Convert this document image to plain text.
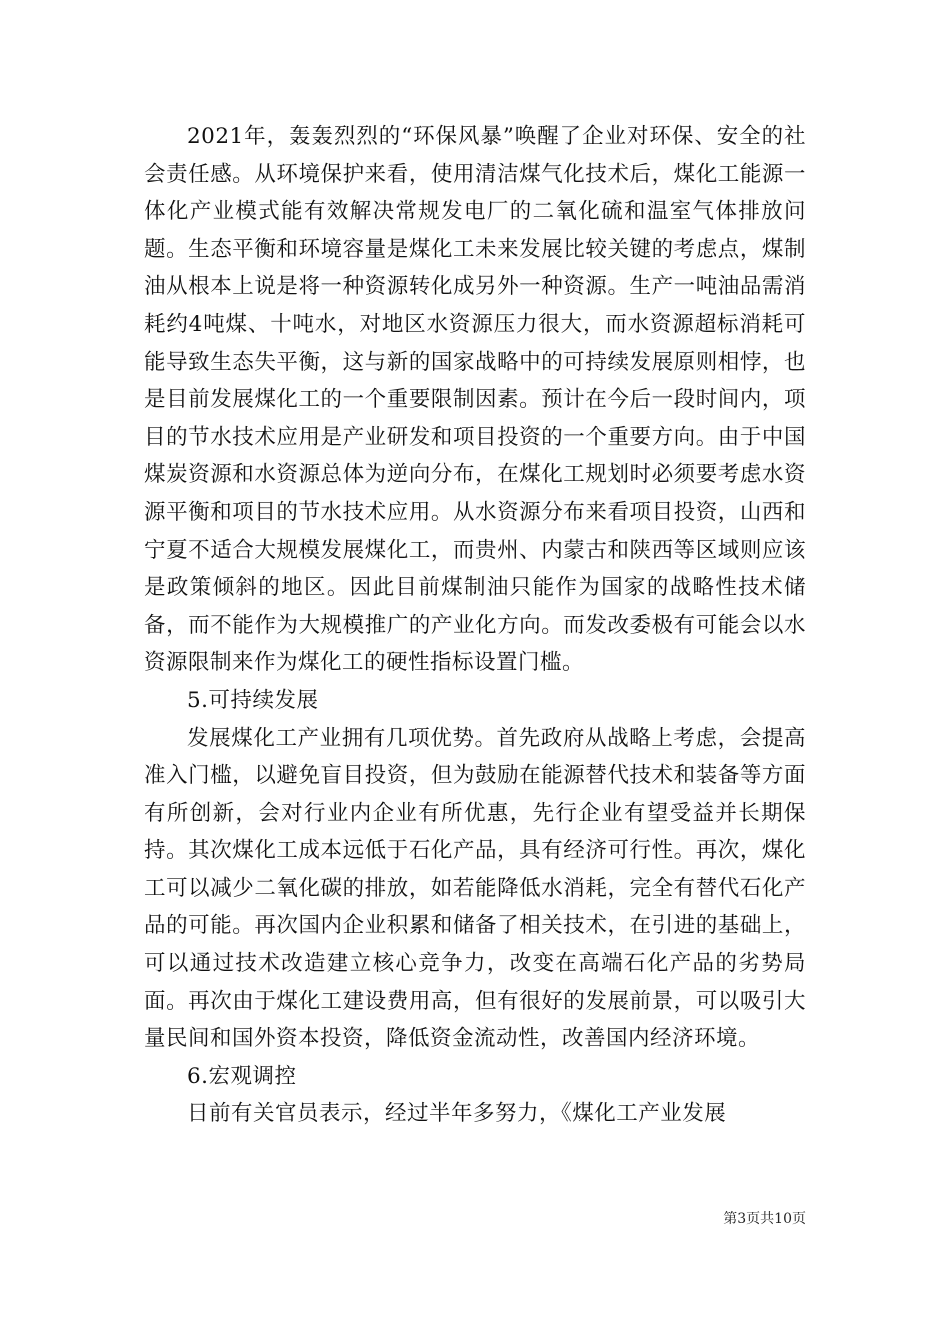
2021年，轰轰烈烈的“环保风暴”唤醒了企业对环保、安全的社会责任感。从环境保护来看，使用清洁煤气化技术后，煤化工能源一体化产业模式能有效解决常规发电厂的二氧化硫和温室气体排放问题。生态平衡和环境容量是煤化工未来发展比较关键的考虑点，煤制油从根本上说是将一种资源转化成另外一种资源。生产一吨油品需消耗约4吨煤、十吨水，对地区水资源压力很大，而水资源超标消耗可能导致生态失平衡，这与新的国家战略中的可持续发展原则相悖，也是目前发展煤化工的一个重要限制因素。预计在今后一段时间内，项目的节水技术应用是产业研发和项目投资的一个重要方向。由于中国煤炭资源和水资源总体为逆向分布，在煤化工规划时必须要考虑水资源平衡和项目的节水技术应用。从水资源分布来看项目投资，山西和宁夏不适合大规模发展煤化工，而贵州、内蒙古和陕西等区域则应该是政策倾斜的地区。因此目前煤制油只能作为国家的战略性技术储备，而不能作为大规模推广的产业化方向。而发改委极有可能会以水资源限制来作为煤化工的硬性指标设置门槛。

5.可持续发展

发展煤化工产业拥有几项优势。首先政府从战略上考虑，会提高准入门槛，以避免盲目投资，但为鼓励在能源替代技术和装备等方面有所创新，会对行业内企业有所优惠，先行企业有望受益并长期保持。其次煤化工成本远低于石化产品，具有经济可行性。再次，煤化工可以减少二氧化碳的排放，如若能降低水消耗，完全有替代石化产品的可能。再次国内企业积累和储备了相关技术，在引进的基础上，可以通过技术改造建立核心竞争力，改变在高端石化产品的劣势局面。再次由于煤化工建设费用高，但有很好的发展前景，可以吸引大量民间和国外资本投资，降低资金流动性，改善国内经济环境。

6.宏观调控

日前有关官员表示，经过半年多努力，《煤化工产业发展

第3页共10页
